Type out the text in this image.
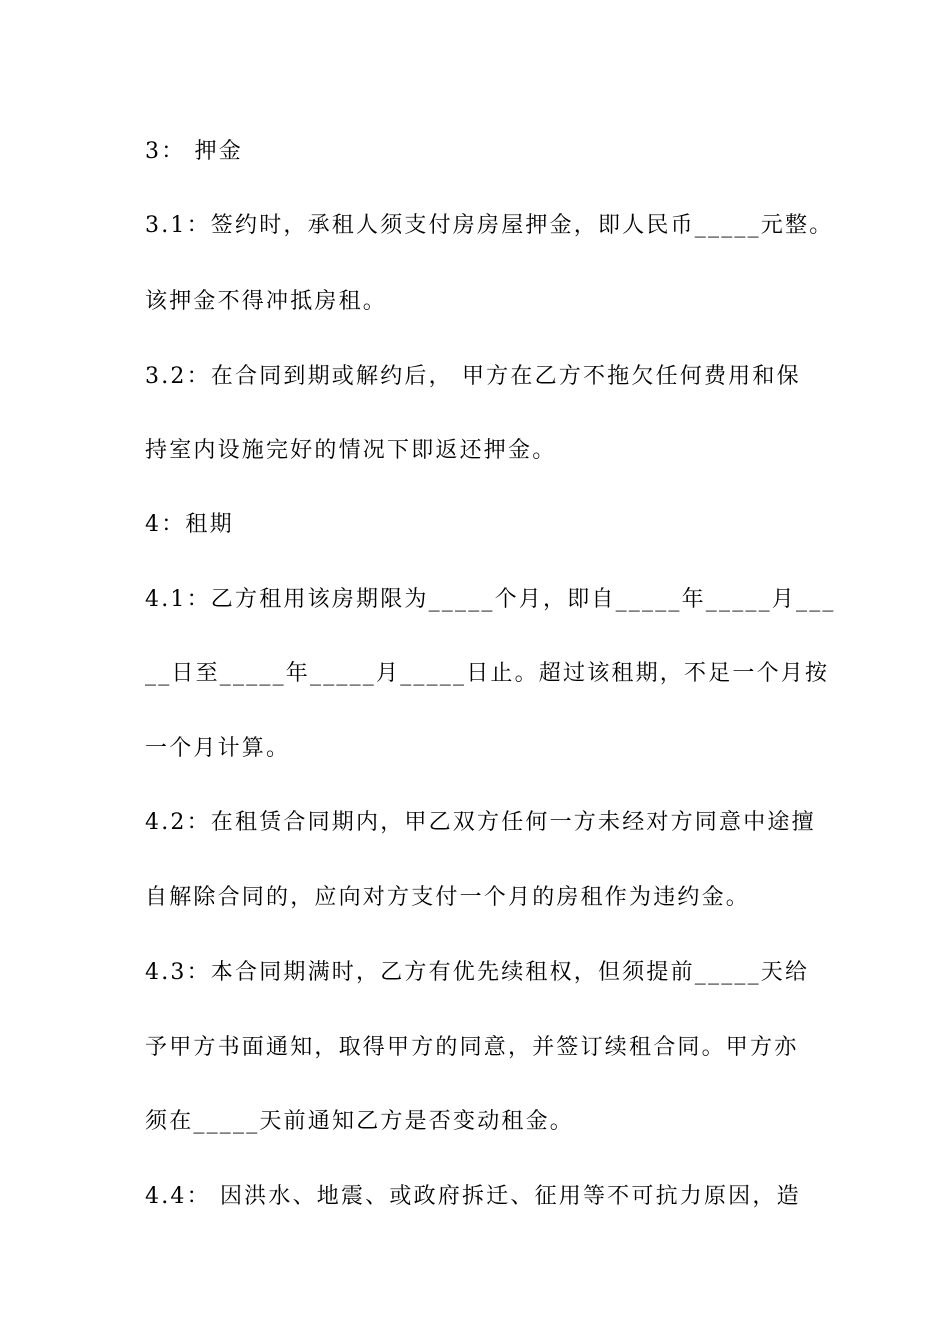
3： 押金
3.1：签约时，承租人须支付房房屋押金，即人民币_____元整。
该押金不得冲抵房租。
3.2：在合同到期或解约后， 甲方在乙方不拖欠任何费用和保
持室内设施完好的情况下即返还押金。
4：租期
4.1：乙方租用该房期限为_____个月，即自_____年_____月___
__日至_____年_____月_____日止。超过该租期，不足一个月按
一个月计算。
4.2：在租赁合同期内，甲乙双方任何一方未经对方同意中途擅
自解除合同的，应向对方支付一个月的房租作为违约金。
4.3：本合同期满时，乙方有优先续租权，但须提前_____天给
予甲方书面通知，取得甲方的同意，并签订续租合同。甲方亦
须在_____天前通知乙方是否变动租金。
4.4： 因洪水、地震、或政府拆迁、征用等不可抗力原因，造
